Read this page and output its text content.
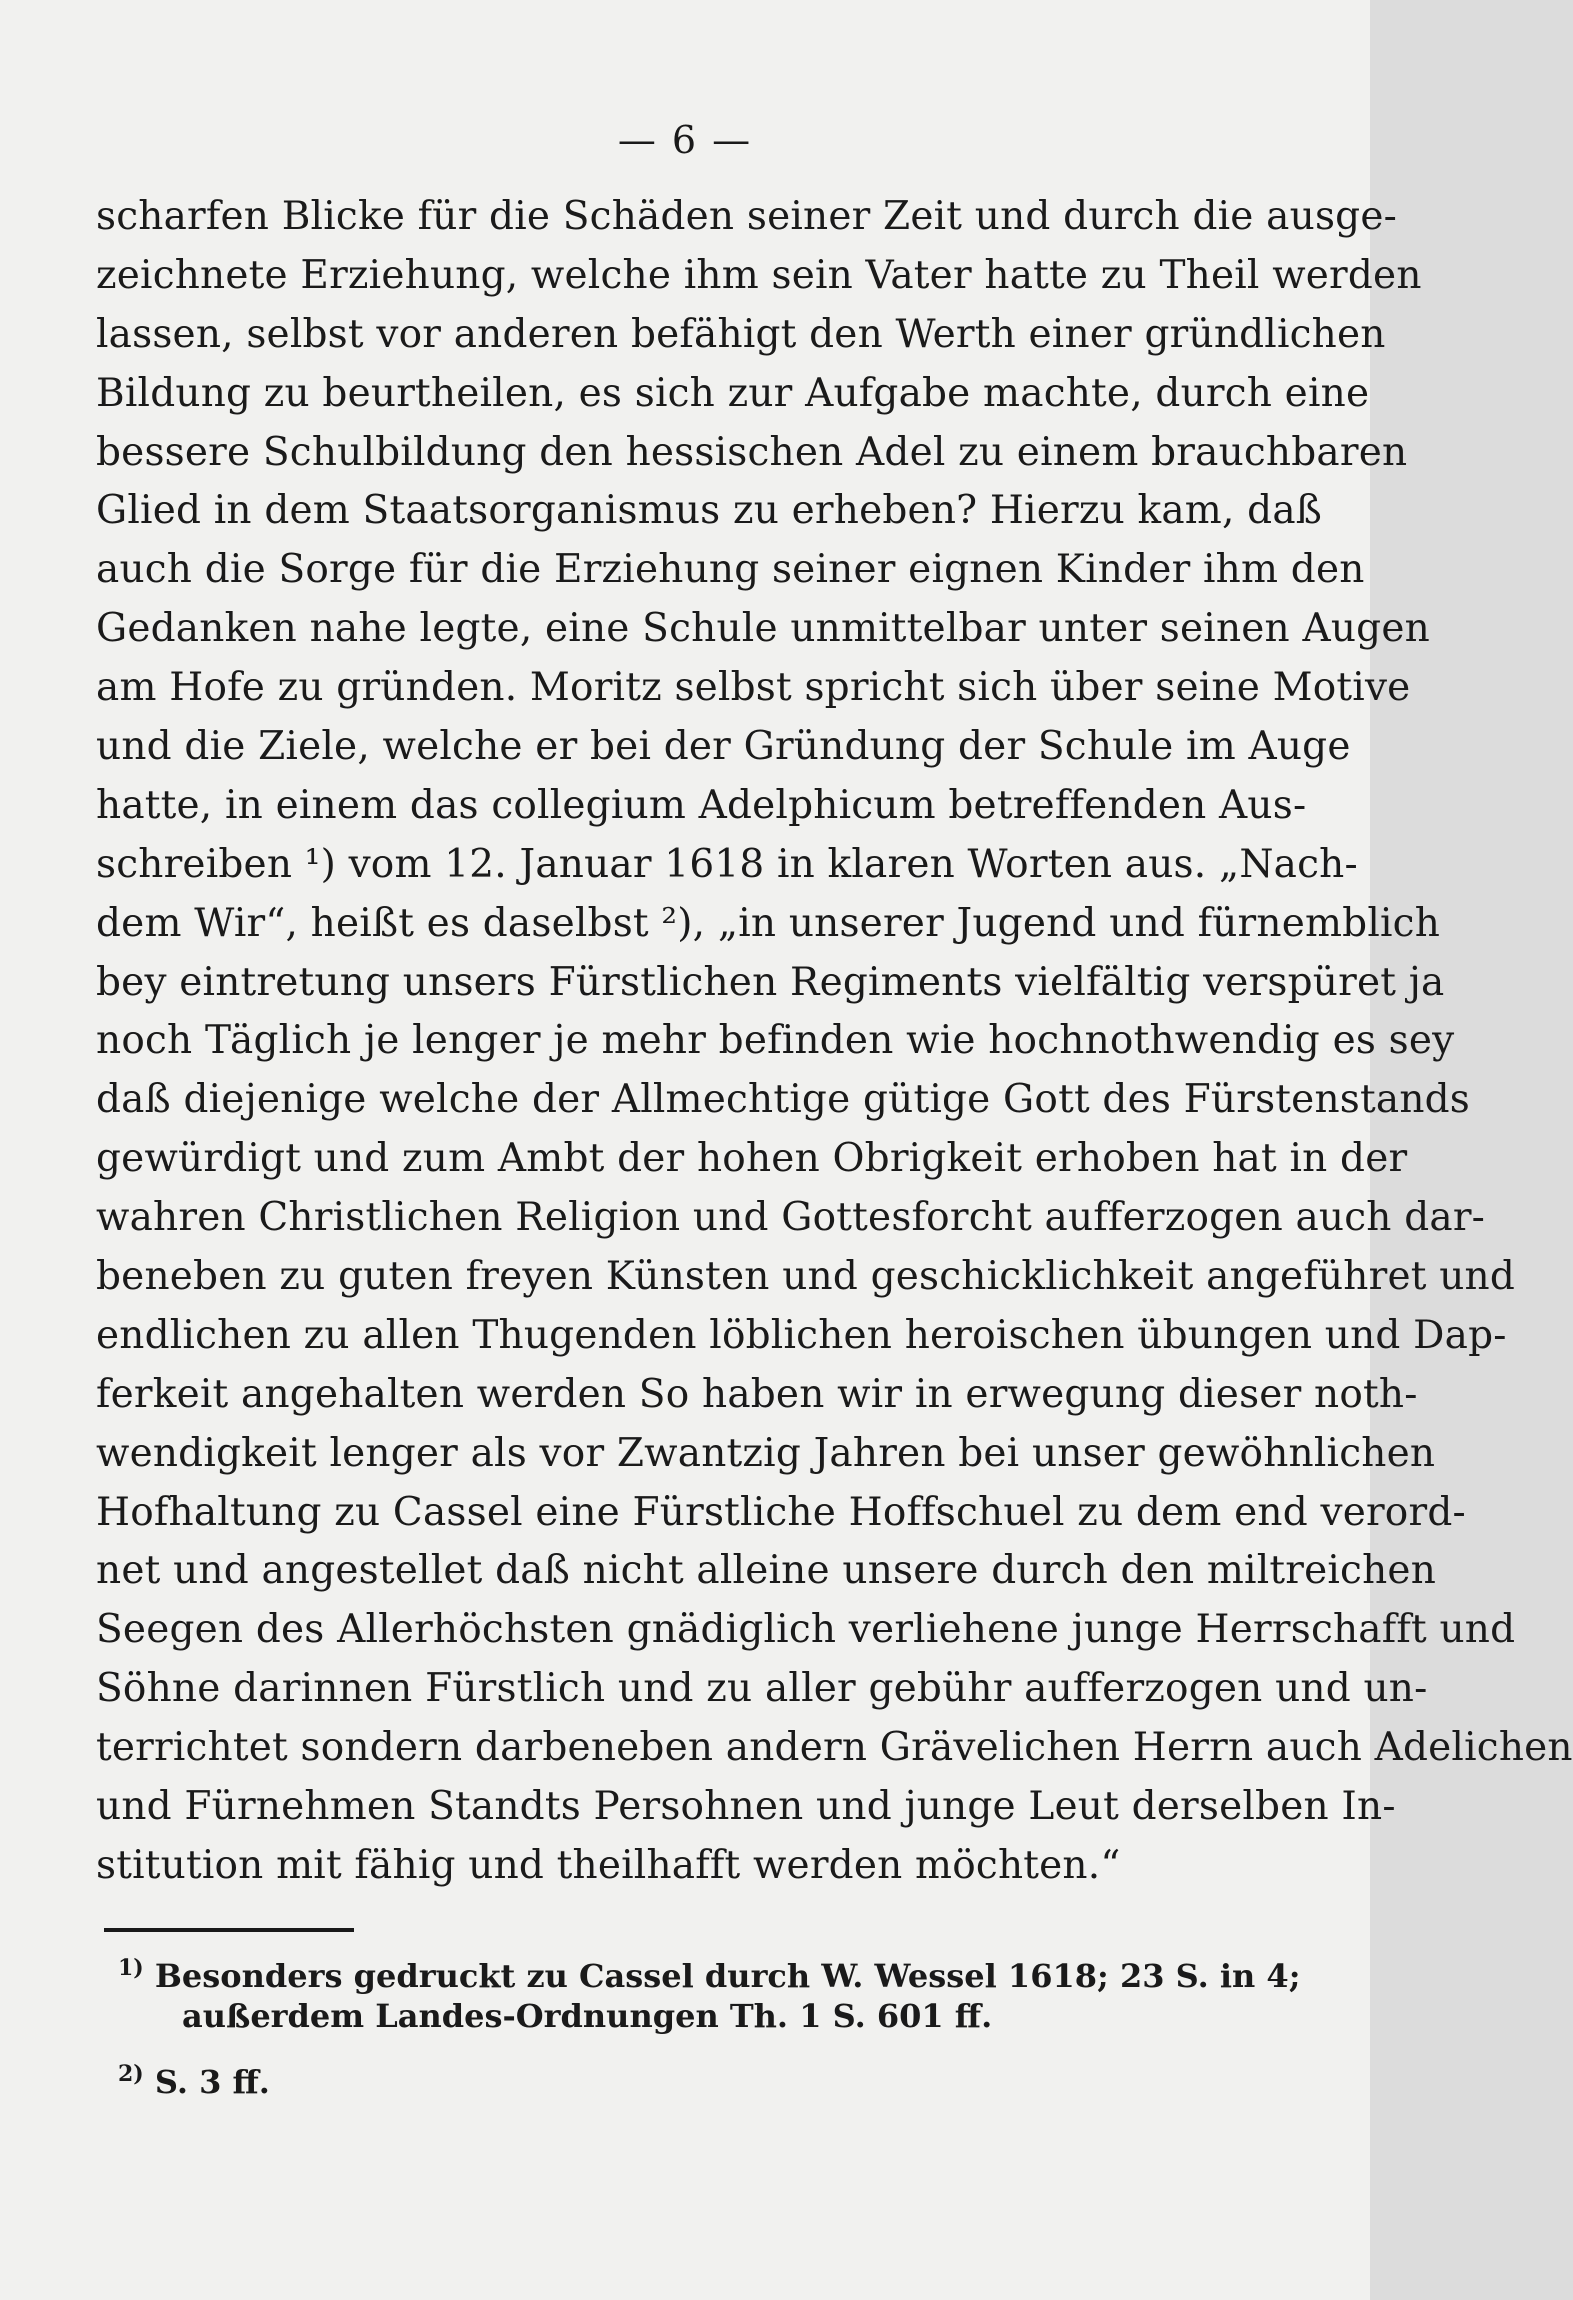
— 6 —
scharfen Blicke für die Schäden seiner Zeit und durch die ausge-
zeichnete Erziehung, welche ihm sein Vater hatte zu Theil werden
lassen, selbst vor anderen befähigt den Werth einer gründlichen
Bildung zu beurtheilen, es sich zur Aufgabe machte, durch eine
bessere Schulbildung den hessischen Adel zu einem brauchbaren
Glied in dem Staatsorganismus zu erheben? Hierzu kam, daß
auch die Sorge für die Erziehung seiner eignen Kinder ihm den
Gedanken nahe legte, eine Schule unmittelbar unter seinen Augen
am Hofe zu gründen. Moritz selbst spricht sich über seine Motive
und die Ziele, welche er bei der Gründung der Schule im Auge
hatte, in einem das collegium Adelphicum betreffenden Aus-
schreiben ¹) vom 12. Januar 1618 in klaren Worten aus. „Nach-
dem Wir“, heißt es daselbst ²), „in unserer Jugend und fürnemblich
bey eintretung unsers Fürstlichen Regiments vielfältig verspüret ja
noch Täglich je lenger je mehr befinden wie hochnothwendig es sey
daß diejenige welche der Allmechtige gütige Gott des Fürstenstands
gewürdigt und zum Ambt der hohen Obrigkeit erhoben hat in der
wahren Christlichen Religion und Gottesforcht aufferzogen auch dar-
beneben zu guten freyen Künsten und geschicklichkeit angeführet und
endlichen zu allen Thugenden löblichen heroischen übungen und Dap-
ferkeit angehalten werden So haben wir in erwegung dieser noth-
wendigkeit lenger als vor Zwantzig Jahren bei unser gewöhnlichen
Hofhaltung zu Cassel eine Fürstliche Hoffschuel zu dem end verord-
net und angestellet daß nicht alleine unsere durch den miltreichen
Seegen des Allerhöchsten gnädiglich verliehene junge Herrschafft und
Söhne darinnen Fürstlich und zu aller gebühr aufferzogen und un-
terrichtet sondern darbeneben andern Grävelichen Herrn auch Adelichen
und Fürnehmen Standts Persohnen und junge Leut derselben In-
stitution mit fähig und theilhafft werden möchten.“
$^{1)}$ Besonders gedruckt zu Cassel durch W. Wessel 1618; 23 S. in 4;
außerdem Landes-Ordnungen Th. 1 S. 601 ff.
$^{2)}$ S. 3 ff.
